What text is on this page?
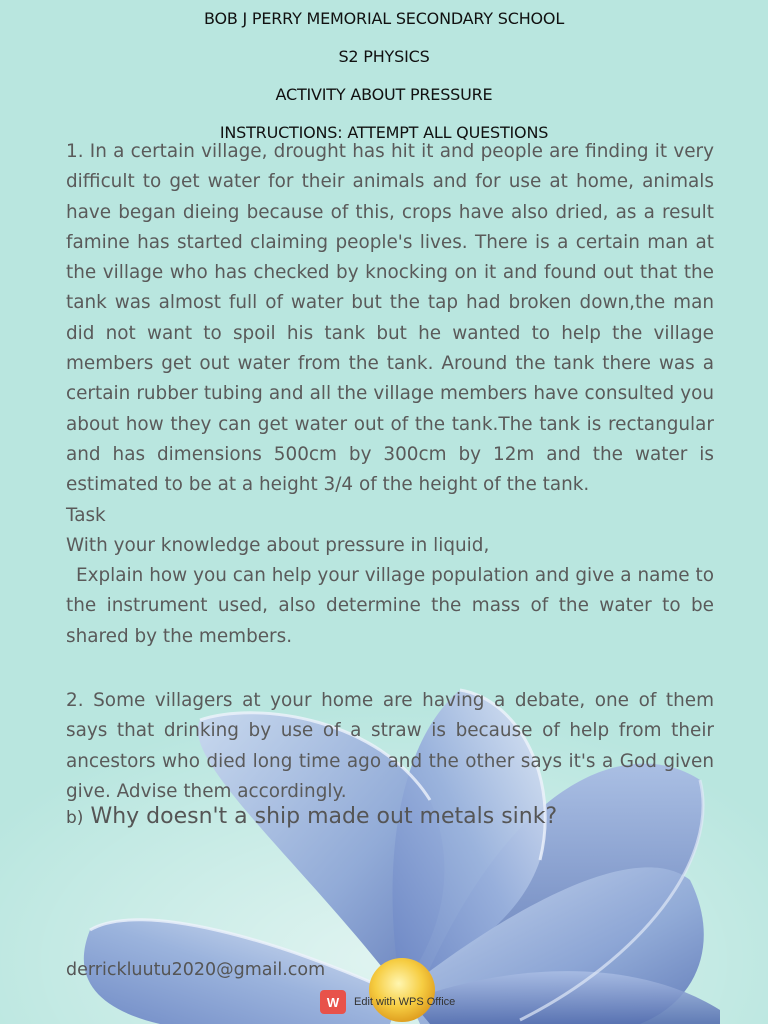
BOB J PERRY MEMORIAL SECONDARY SCHOOL
S2 PHYSICS
ACTIVITY ABOUT PRESSURE
INSTRUCTIONS: ATTEMPT ALL QUESTIONS

1. In a certain village, drought has hit it and people are finding it very difficult to get water for their animals and for use at home, animals have began dieing because of this, crops have also dried, as a result famine has started claiming people's lives. There is a certain man at the village who has checked by knocking on it and found out that the tank was almost full of water but the tap had broken down,the man did not want to spoil his tank but he wanted to help the village members get out water from the tank. Around the tank there was a certain rubber tubing and all the village members have consulted you about how they can get water out of the tank.The tank is rectangular and has dimensions 500cm by 300cm by 12m and the water is estimated to be at a height 3/4 of the height of the tank.

Task

With your knowledge about pressure in liquid,

Explain how you can help your village population and give a name to the instrument used, also determine the mass of the water to be shared by the members.

2. Some villagers at your home are having a debate, one of them says that drinking by use of a straw is because of help from their ancestors who died long time ago and the other says it's a God given give. Advise them accordingly.

b) Why doesn't a ship made out metals sink?
derrickluutu2020@gmail.com
W	Edit with WPS Office
